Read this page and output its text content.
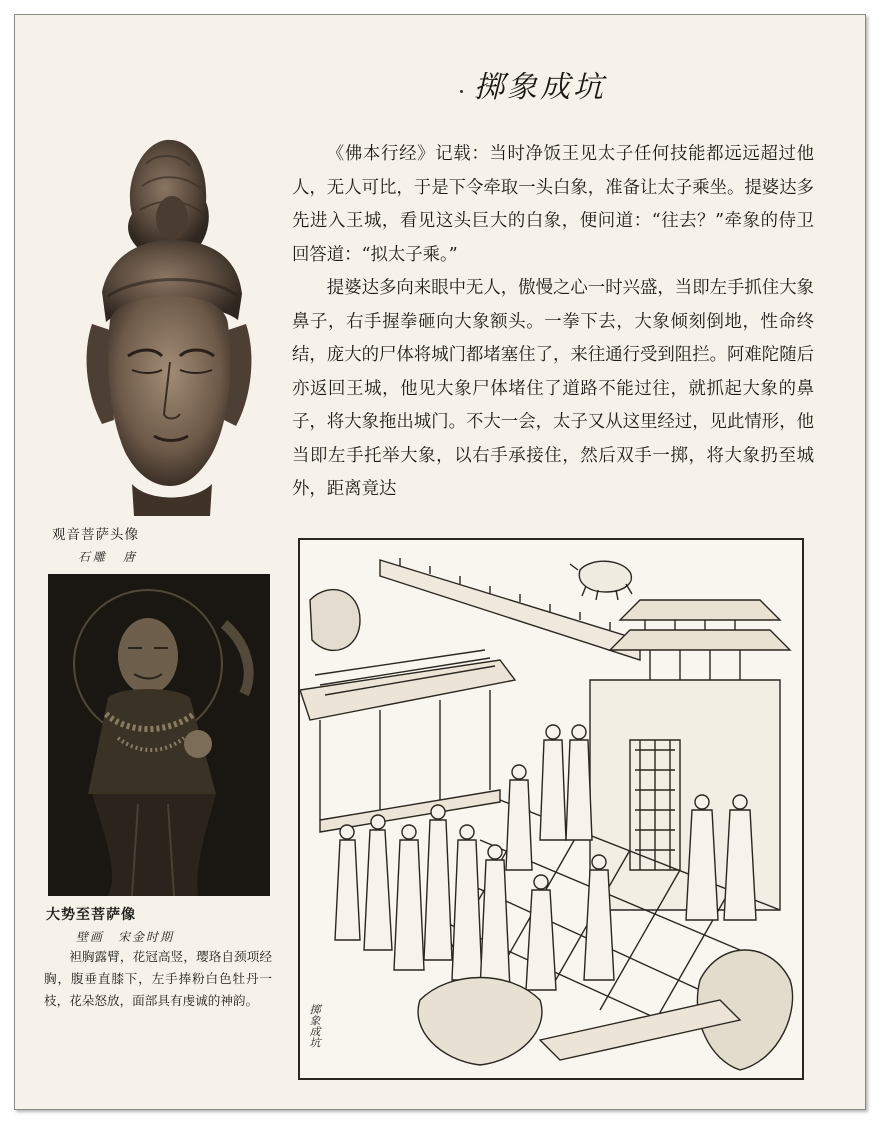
掷象成坑

《佛本行经》记载：当时净饭王见太子任何技能都远远超过他人，无人可比，于是下令牵取一头白象，准备让太子乘坐。提婆达多先进入王城，看见这头巨大的白象，便问道：“往去？”牵象的侍卫回答道：“拟太子乘。”

提婆达多向来眼中无人，傲慢之心一时兴盛，当即左手抓住大象鼻子，右手握拳砸向大象额头。一拳下去，大象倾刻倒地，性命终结，庞大的尸体将城门都堵塞住了，来往通行受到阻拦。阿难陀随后亦返回王城，他见大象尸体堵住了道路不能过往，就抓起大象的鼻子，将大象拖出城门。不大一会，太子又从这里经过，见此情形，他当即左手托举大象，以右手承接住，然后双手一掷，将大象扔至城外，距离竟达

观音菩萨头像
石雕　唐
大势至菩萨像
壁画　宋金时期
袒胸露臂，花冠高竖，璎珞自颈项经胸，腹垂直膝下，左手捧粉白色牡丹一枝，花朵怒放，面部具有虔诚的神韵。
掷象成坑
